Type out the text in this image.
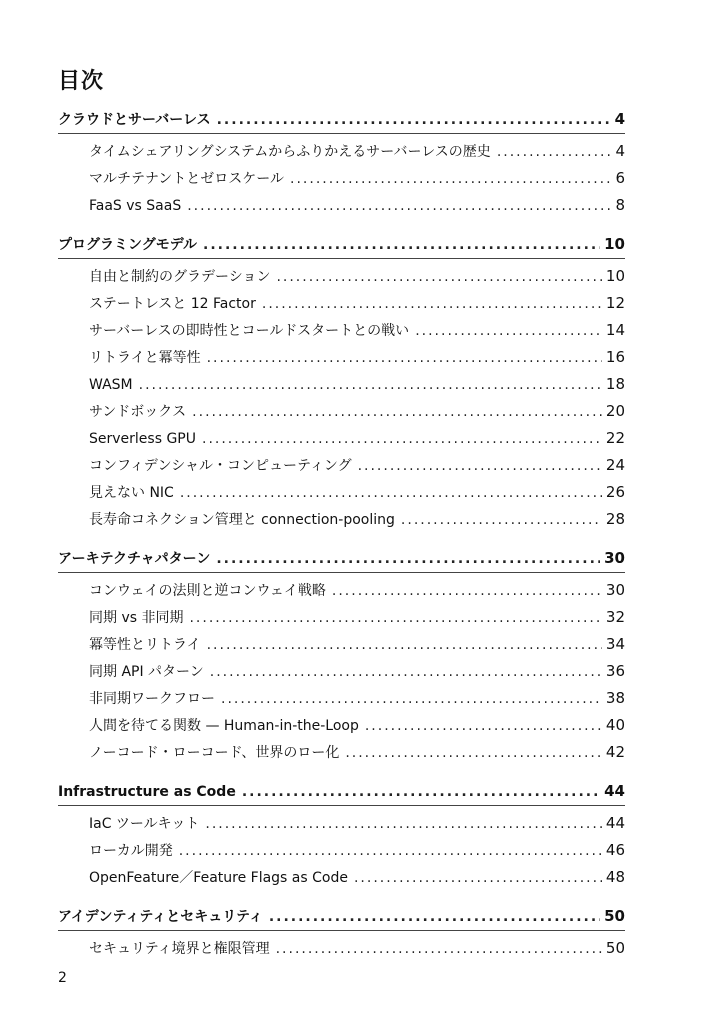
目次
クラウドとサーバーレス .....	4
タイムシェアリングシステムからふりかえるサーバーレスの歴史 .....	4
マルチテナントとゼロスケール .....	6
FaaS vs SaaS .....	8
プログラミングモデル .....	10
自由と制約のグラデーション .....	10
ステートレスと 12 Factor .....	12
サーバーレスの即時性とコールドスタートとの戦い .....	14
リトライと冪等性 .....	16
WASM .....	18
サンドボックス .....	20
Serverless GPU .....	22
コンフィデンシャル・コンピューティング .....	24
見えない NIC .....	26
長寿命コネクション管理と connection-pooling .....	28
アーキテクチャパターン .....	30
コンウェイの法則と逆コンウェイ戦略 .....	30
同期 vs 非同期 .....	32
冪等性とリトライ .....	34
同期 API パターン .....	36
非同期ワークフロー .....	38
人間を待てる関数 — Human-in-the-Loop .....	40
ノーコード・ローコード、世界のロー化 .....	42
Infrastructure as Code .....	44
IaC ツールキット .....	44
ローカル開発 .....	46
OpenFeature／Feature Flags as Code .....	48
アイデンティティとセキュリティ .....	50
セキュリティ境界と権限管理 .....	50
2
